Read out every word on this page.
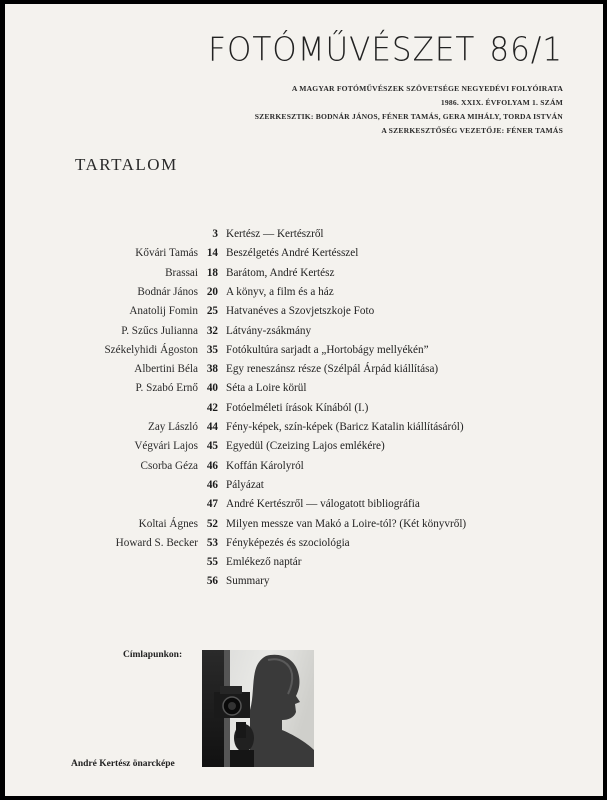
FOTÓMŰVÉSZET 86/1
A MAGYAR FOTÓMŰVÉSZEK SZÖVETSÉGE NEGYEDÉVI FOLYÓIRATA
1986. XXIX. ÉVFOLYAM 1. SZÁM
SZERKESZTIK: BODNÁR JÁNOS, FÉNER TAMÁS, GERA MIHÁLY, TORDA ISTVÁN
A SZERKESZTŐSÉG VEZETŐJE: FÉNER TAMÁS
TARTALOM
3 Kertész — Kertészről
Kővári Tamás 14 Beszélgetés André Kertésszel
Brassai 18 Barátom, André Kertész
Bodnár János 20 A könyv, a film és a ház
Anatolij Fomin 25 Hatvanéves a Szovjetszkoje Foto
P. Szűcs Julianna 32 Látvány-zsákmány
Székelyhidi Ágoston 35 Fotókultúra sarjadt a „Hortobágy mellyékén”
Albertini Béla 38 Egy reneszánsz része (Szélpál Árpád kiállítása)
P. Szabó Ernő 40 Séta a Loire körül
42 Fotóelméleti írások Kínából (I.)
Zay László 44 Fény-képek, szín-képek (Baricz Katalin kiállításáról)
Végvári Lajos 45 Egyedül (Czeizing Lajos emlékére)
Csorba Géza 46 Koffán Károlyról
46 Pályázat
47 André Kertészről — válogatott bibliográfia
Koltai Ágnes 52 Milyen messze van Makó a Loire-tól? (Két könyvről)
Howard S. Becker 53 Fényképezés és szociológia
55 Emlékező naptár
56 Summary
Címlapunkon:
André Kertész önarcképe
